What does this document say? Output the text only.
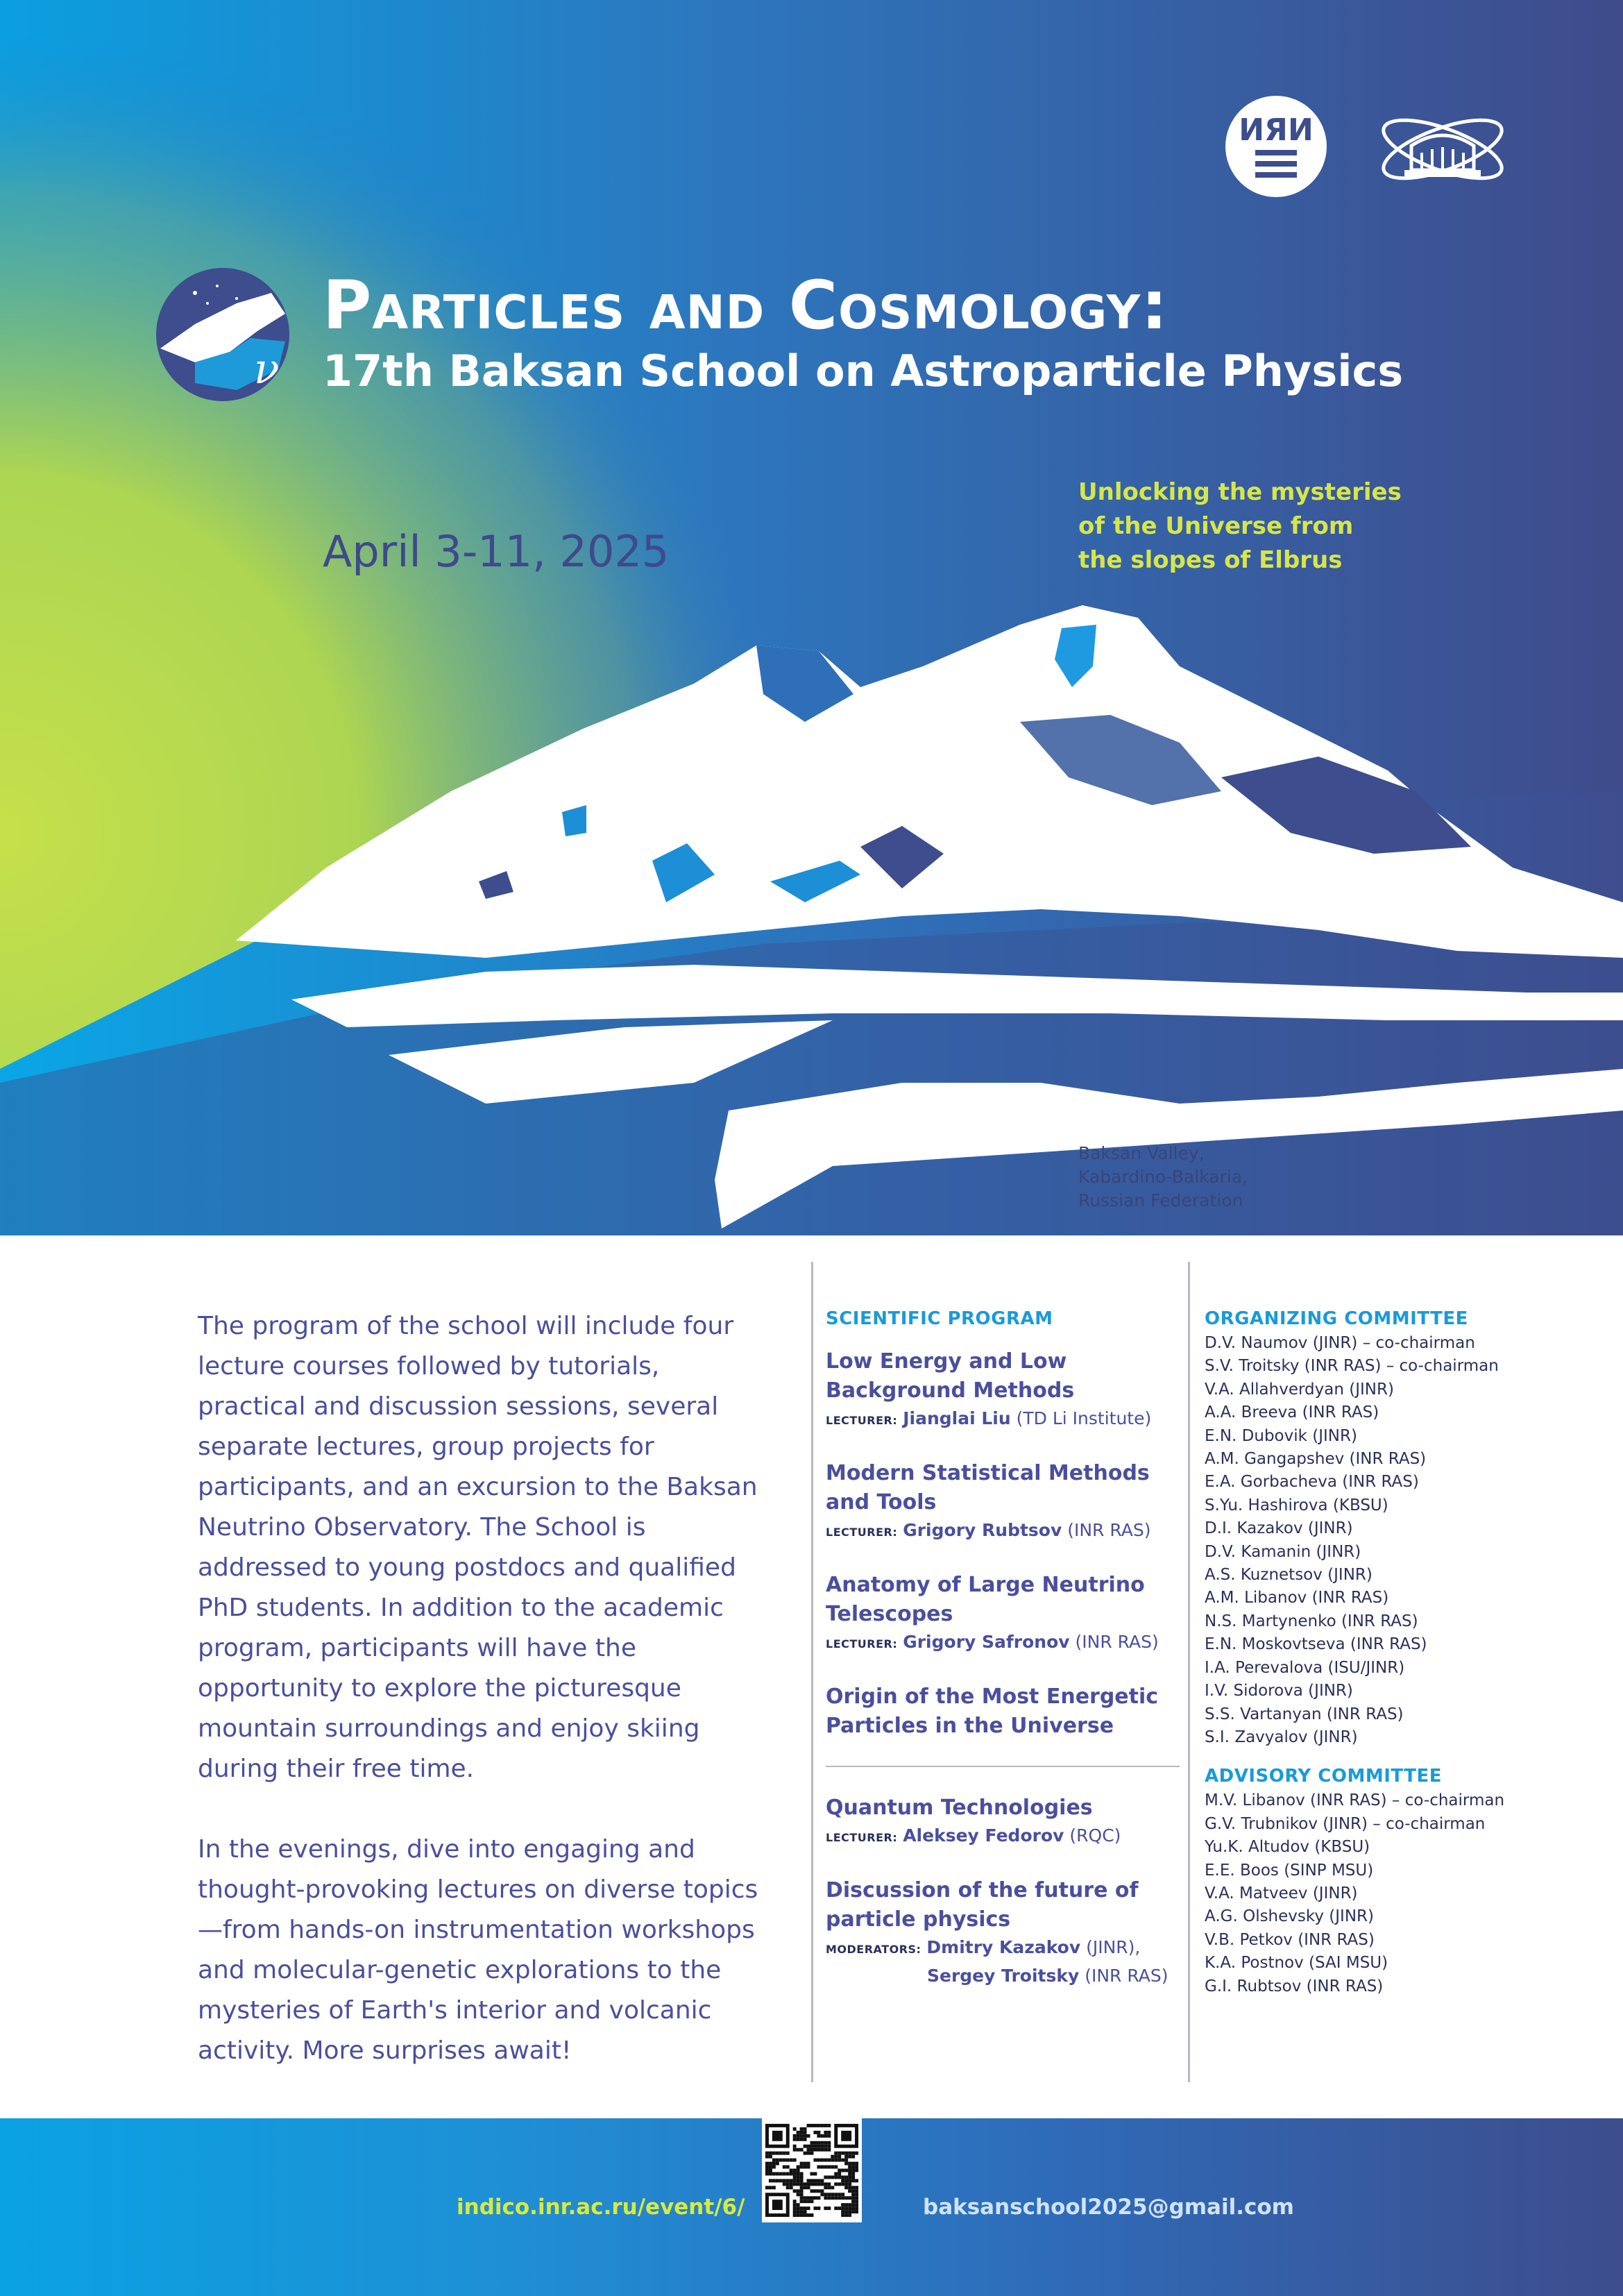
ν
ИЯИ
Particles and Cosmology:
17th Baksan School on Astroparticle Physics
April 3-11, 2025
Unlocking the mysteries
of the Universe from
the slopes of Elbrus
Baksan Valley,
Kabardino-Balkaria,
Russian Federation

The program of the school will include four lecture courses followed by tutorials, practical and discussion sessions, several separate lectures, group projects for participants, and an excursion to the Baksan Neutrino Observatory. The School is addressed to young postdocs and qualified PhD students. In addition to the academic program, participants will have the opportunity to explore the picturesque mountain surroundings and enjoy skiing during their free time.

In the evenings, dive into engaging and thought-provoking lectures on diverse topics—from hands-on instrumentation workshops and molecular-genetic explorations to the mysteries of Earth's interior and volcanic activity. More surprises await!

SCIENTIFIC PROGRAM
Low Energy and Low Background Methods
LECTURER: Jianglai Liu (TD Li Institute)
Modern Statistical Methods and Tools
LECTURER: Grigory Rubtsov (INR RAS)
Anatomy of Large Neutrino Telescopes
LECTURER: Grigory Safronov (INR RAS)
Origin of the Most Energetic Particles in the Universe
Quantum Technologies
LECTURER: Aleksey Fedorov (RQC)
Discussion of the future of particle physics
MODERATORS: Dmitry Kazakov (JINR),
Sergey Troitsky (INR RAS)
ORGANIZING COMMITTEE
D.V. Naumov (JINR) – co-chairman
S.V. Troitsky (INR RAS) – co-chairman
V.A. Allahverdyan (JINR)
A.A. Breeva (INR RAS)
E.N. Dubovik (JINR)
A.M. Gangapshev (INR RAS)
E.A. Gorbacheva (INR RAS)
S.Yu. Hashirova (KBSU)
D.I. Kazakov (JINR)
D.V. Kamanin (JINR)
A.S. Kuznetsov (JINR)
A.M. Libanov (INR RAS)
N.S. Martynenko (INR RAS)
E.N. Moskovtseva (INR RAS)
I.A. Perevalova (ISU/JINR)
I.V. Sidorova (JINR)
S.S. Vartanyan (INR RAS)
S.I. Zavyalov (JINR)
ADVISORY COMMITTEE
M.V. Libanov (INR RAS) – co-chairman
G.V. Trubnikov (JINR) – co-chairman
Yu.K. Altudov (KBSU)
E.E. Boos (SINP MSU)
V.A. Matveev (JINR)
A.G. Olshevsky (JINR)
V.B. Petkov (INR RAS)
K.A. Postnov (SAI MSU)
G.I. Rubtsov (INR RAS)
indico.inr.ac.ru/event/6/	baksanschool2025@gmail.com
